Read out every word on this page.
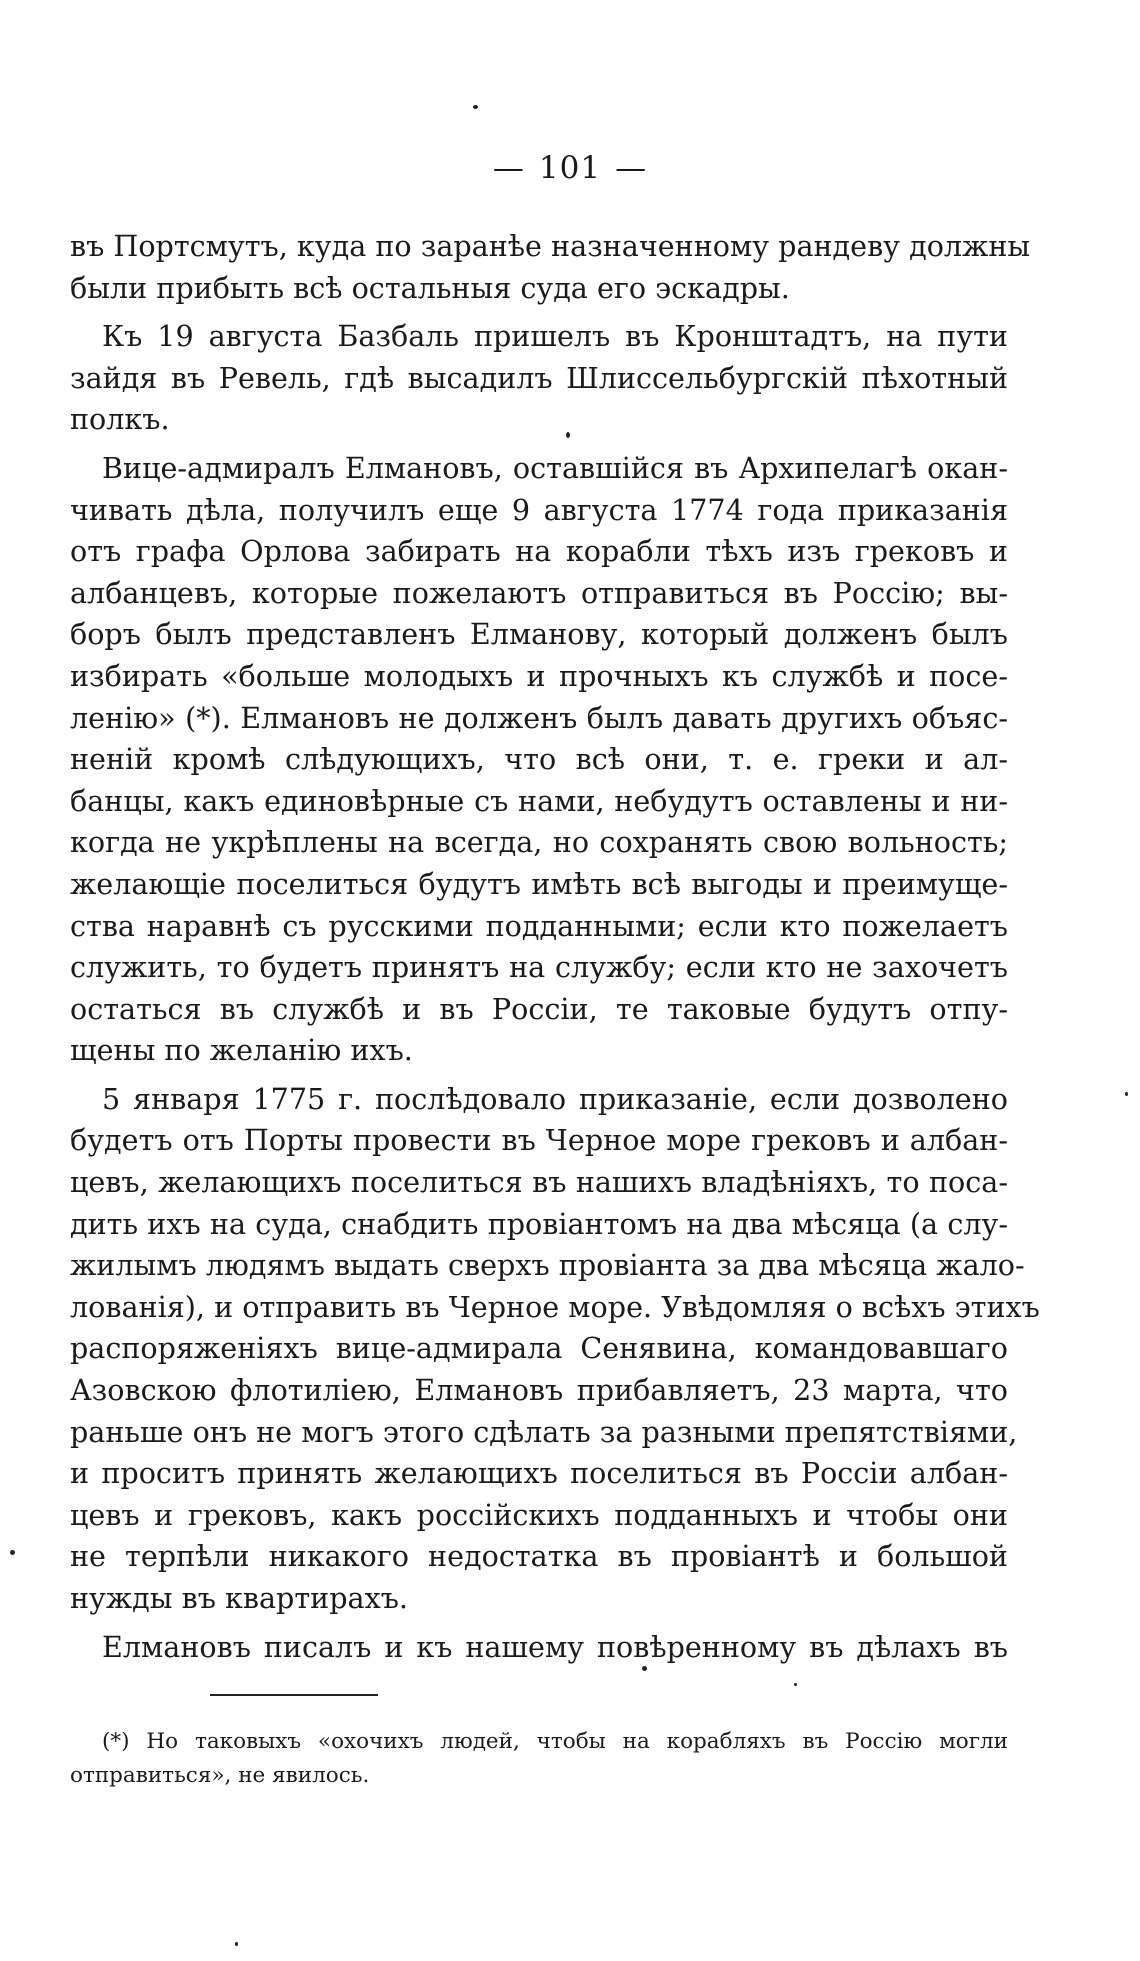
— 101 —
въ Портсмутъ, куда по заранѣе назначенному рандеву должны
были прибыть всѣ остальныя суда его эскадры.
Къ 19 августа Базбаль пришелъ въ Кронштадтъ, на пути
зайдя въ Ревель, гдѣ высадилъ Шлиссельбургскій пѣхотный
полкъ.
Вице-адмиралъ Елмановъ, оставшійся въ Архипелагѣ окан-
чивать дѣла, получилъ еще 9 августа 1774 года приказанія
отъ графа Орлова забирать на корабли тѣхъ изъ грековъ и
албанцевъ, которые пожелаютъ отправиться въ Россію; вы-
боръ былъ представленъ Елманову, который долженъ былъ
избирать «больше молодыхъ и прочныхъ къ службѣ и посе-
ленію» (*). Елмановъ не долженъ былъ давать другихъ объяс-
неній кромѣ слѣдующихъ, что всѣ они, т. е. греки и ал-
банцы, какъ единовѣрные съ нами, небудутъ оставлены и ни-
когда не укрѣплены на всегда, но сохранять свою вольность;
желающіе поселиться будутъ имѣть всѣ выгоды и преимуще-
ства наравнѣ съ русскими подданными; если кто пожелаетъ
служить, то будетъ принятъ на службу; если кто не захочетъ
остаться въ службѣ и въ Россіи, те таковые будутъ отпу-
щены по желанію ихъ.
5 января 1775 г. послѣдовало приказаніе, если дозволено
будетъ отъ Порты провести въ Черное море грековъ и албан-
цевъ, желающихъ поселиться въ нашихъ владѣніяхъ, то поса-
дить ихъ на суда, снабдить провіантомъ на два мѣсяца (а слу-
жилымъ людямъ выдать сверхъ провіанта за два мѣсяца жало-
лованія), и отправить въ Черное море. Увѣдомляя о всѣхъ этихъ
распоряженіяхъ вице-адмирала Сенявина, командовавшаго
Азовскою флотиліею, Елмановъ прибавляетъ, 23 марта, что
раньше онъ не могъ этого сдѣлать за разными препятствіями,
и проситъ принять желающихъ поселиться въ Россіи албан-
цевъ и грековъ, какъ россійскихъ подданныхъ и чтобы они
не терпѣли никакого недостатка въ провіантѣ и большой
нужды въ квартирахъ.
Елмановъ писалъ и къ нашему повѣренному въ дѣлахъ въ
(*) Но таковыхъ «охочихъ людей, чтобы на корабляхъ въ Россію могли
отправиться», не явилось.
